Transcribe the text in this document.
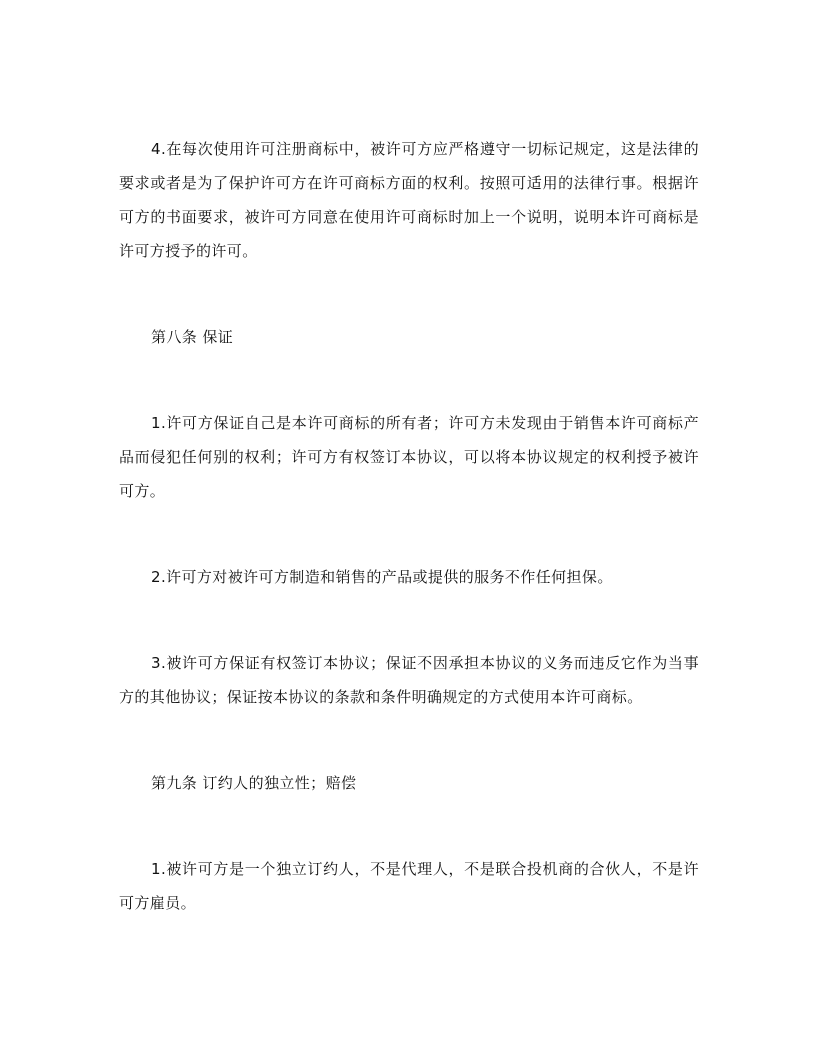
4.在每次使用许可注册商标中，被许可方应严格遵守一切标记规定，这是法律的要求或者是为了保护许可方在许可商标方面的权利。按照可适用的法律行事。根据许可方的书面要求，被许可方同意在使用许可商标时加上一个说明，说明本许可商标是许可方授予的许可。

第八条 保证

1.许可方保证自己是本许可商标的所有者；许可方未发现由于销售本许可商标产品而侵犯任何别的权利；许可方有权签订本协议，可以将本协议规定的权利授予被许可方。

2.许可方对被许可方制造和销售的产品或提供的服务不作任何担保。

3.被许可方保证有权签订本协议；保证不因承担本协议的义务而违反它作为当事方的其他协议；保证按本协议的条款和条件明确规定的方式使用本许可商标。

第九条 订约人的独立性；赔偿

1.被许可方是一个独立订约人，不是代理人，不是联合投机商的合伙人，不是许可方雇员。
